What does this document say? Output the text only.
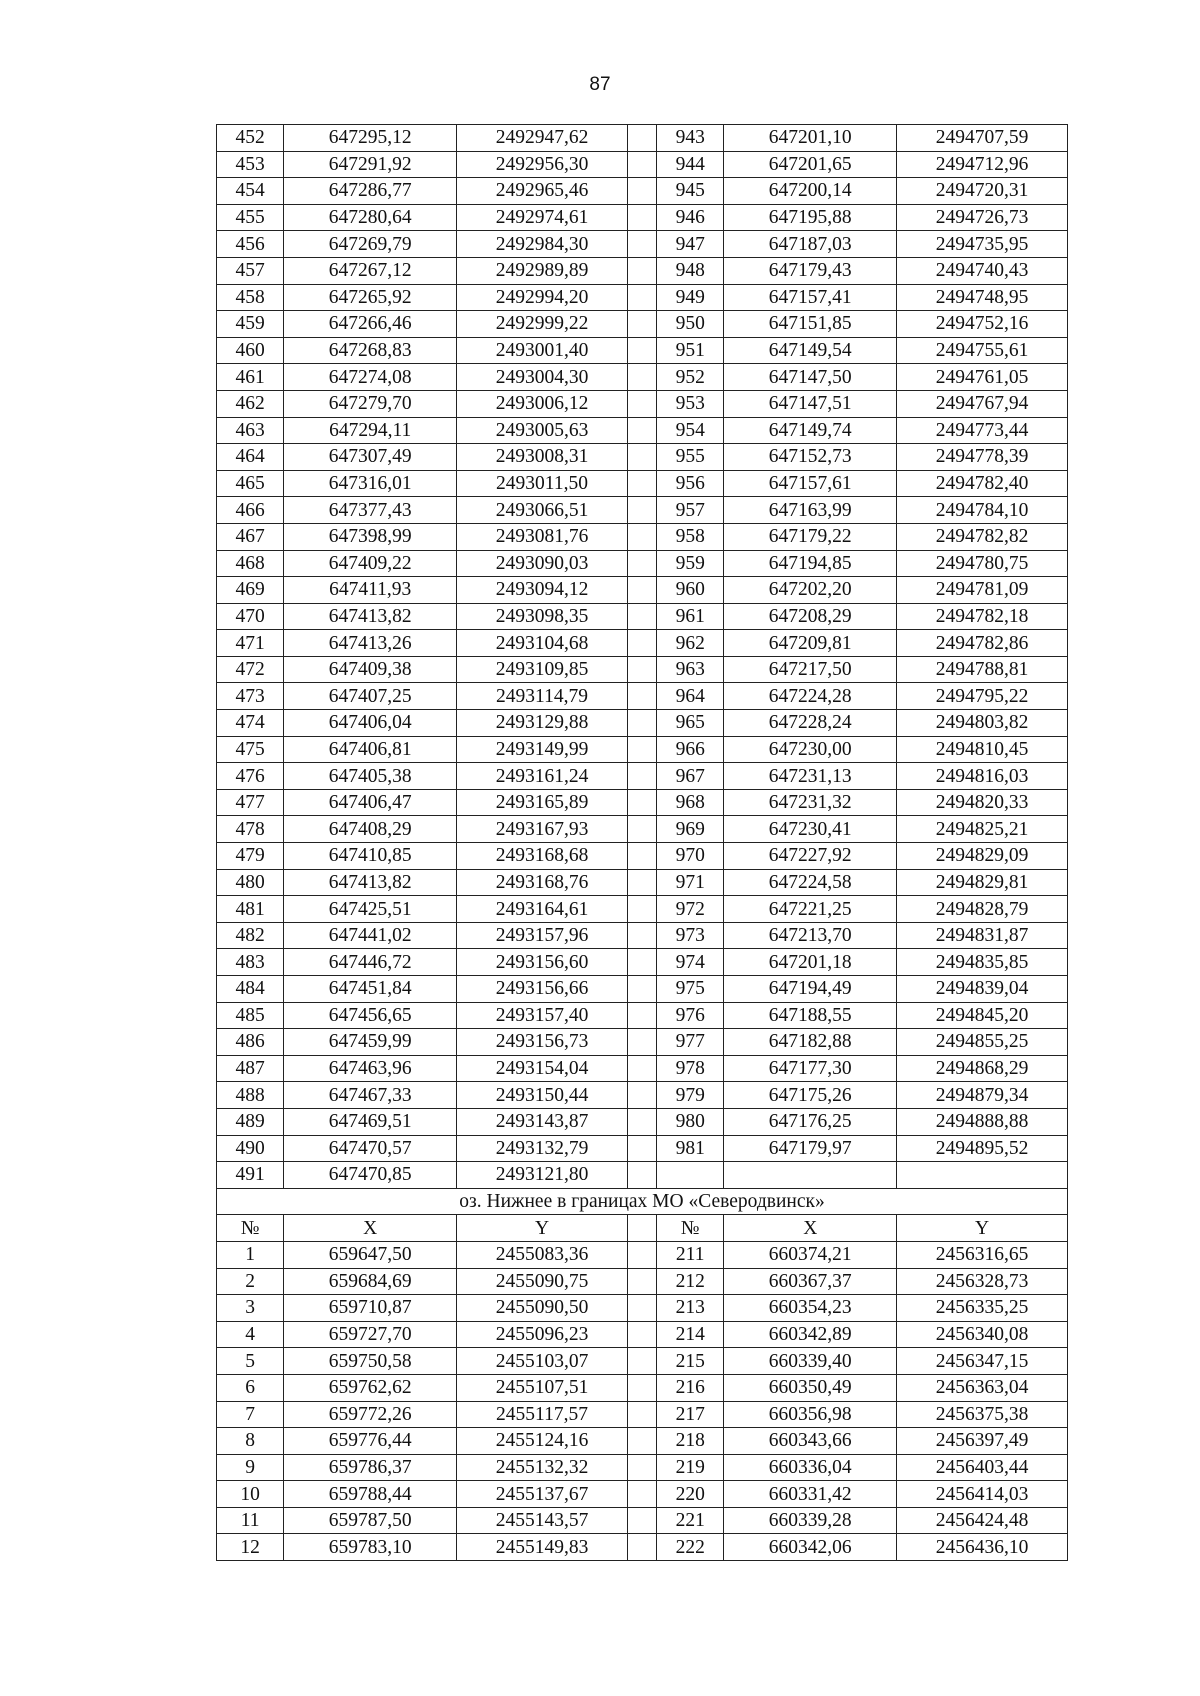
87
452	647295,12	2492947,62		943	647201,10	2494707,59
453	647291,92	2492956,30		944	647201,65	2494712,96
454	647286,77	2492965,46		945	647200,14	2494720,31
455	647280,64	2492974,61		946	647195,88	2494726,73
456	647269,79	2492984,30		947	647187,03	2494735,95
457	647267,12	2492989,89		948	647179,43	2494740,43
458	647265,92	2492994,20		949	647157,41	2494748,95
459	647266,46	2492999,22		950	647151,85	2494752,16
460	647268,83	2493001,40		951	647149,54	2494755,61
461	647274,08	2493004,30		952	647147,50	2494761,05
462	647279,70	2493006,12		953	647147,51	2494767,94
463	647294,11	2493005,63		954	647149,74	2494773,44
464	647307,49	2493008,31		955	647152,73	2494778,39
465	647316,01	2493011,50		956	647157,61	2494782,40
466	647377,43	2493066,51		957	647163,99	2494784,10
467	647398,99	2493081,76		958	647179,22	2494782,82
468	647409,22	2493090,03		959	647194,85	2494780,75
469	647411,93	2493094,12		960	647202,20	2494781,09
470	647413,82	2493098,35		961	647208,29	2494782,18
471	647413,26	2493104,68		962	647209,81	2494782,86
472	647409,38	2493109,85		963	647217,50	2494788,81
473	647407,25	2493114,79		964	647224,28	2494795,22
474	647406,04	2493129,88		965	647228,24	2494803,82
475	647406,81	2493149,99		966	647230,00	2494810,45
476	647405,38	2493161,24		967	647231,13	2494816,03
477	647406,47	2493165,89		968	647231,32	2494820,33
478	647408,29	2493167,93		969	647230,41	2494825,21
479	647410,85	2493168,68		970	647227,92	2494829,09
480	647413,82	2493168,76		971	647224,58	2494829,81
481	647425,51	2493164,61		972	647221,25	2494828,79
482	647441,02	2493157,96		973	647213,70	2494831,87
483	647446,72	2493156,60		974	647201,18	2494835,85
484	647451,84	2493156,66		975	647194,49	2494839,04
485	647456,65	2493157,40		976	647188,55	2494845,20
486	647459,99	2493156,73		977	647182,88	2494855,25
487	647463,96	2493154,04		978	647177,30	2494868,29
488	647467,33	2493150,44		979	647175,26	2494879,34
489	647469,51	2493143,87		980	647176,25	2494888,88
490	647470,57	2493132,79		981	647179,97	2494895,52
491	647470,85	2493121,80				
оз. Нижнее в границах МО «Северодвинск»						
№	X	Y		№	X	Y
1	659647,50	2455083,36		211	660374,21	2456316,65
2	659684,69	2455090,75		212	660367,37	2456328,73
3	659710,87	2455090,50		213	660354,23	2456335,25
4	659727,70	2455096,23		214	660342,89	2456340,08
5	659750,58	2455103,07		215	660339,40	2456347,15
6	659762,62	2455107,51		216	660350,49	2456363,04
7	659772,26	2455117,57		217	660356,98	2456375,38
8	659776,44	2455124,16		218	660343,66	2456397,49
9	659786,37	2455132,32		219	660336,04	2456403,44
10	659788,44	2455137,67		220	660331,42	2456414,03
11	659787,50	2455143,57		221	660339,28	2456424,48
12	659783,10	2455149,83		222	660342,06	2456436,10
